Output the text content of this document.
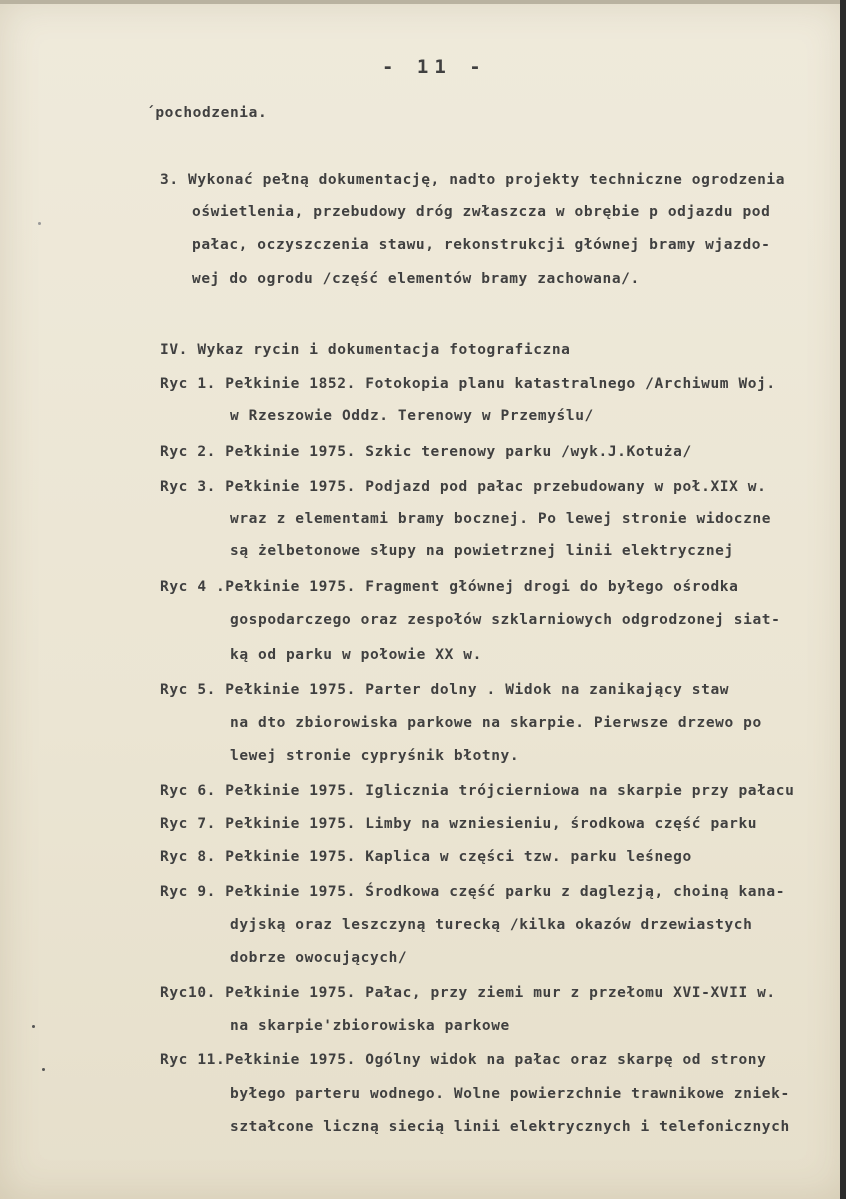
- 11 -
´pochodzenia.
3. Wykonać pełną dokumentację, nadto projekty techniczne ogrodzenia
oświetlenia, przebudowy dróg zwłaszcza w obrębie p odjazdu pod
pałac, oczyszczenia stawu, rekonstrukcji głównej bramy wjazdo-
wej do ogrodu /część elementów bramy zachowana/.
IV. Wykaz rycin i dokumentacja fotograficzna
Ryc 1. Pełkinie 1852. Fotokopia planu katastralnego /Archiwum Woj.
w Rzeszowie Oddz. Terenowy w Przemyślu/
Ryc 2. Pełkinie 1975. Szkic terenowy parku /wyk.J.Kotuża/
Ryc 3. Pełkinie 1975. Podjazd pod pałac przebudowany w poł.XIX w.
wraz z elementami bramy bocznej. Po lewej stronie widoczne
są żelbetonowe słupy na powietrznej linii elektrycznej
Ryc 4 .Pełkinie 1975. Fragment głównej drogi do byłego ośrodka
gospodarczego oraz zespołów szklarniowych odgrodzonej siat-
ką od parku w połowie XX w.
Ryc 5. Pełkinie 1975. Parter dolny . Widok na zanikający staw
na dto zbiorowiska parkowe na skarpie. Pierwsze drzewo po
lewej stronie cypryśnik błotny.
Ryc 6. Pełkinie 1975. Iglicznia trójcierniowa na skarpie przy pałacu
Ryc 7. Pełkinie 1975. Limby na wzniesieniu, środkowa część parku
Ryc 8. Pełkinie 1975. Kaplica w części tzw. parku leśnego
Ryc 9. Pełkinie 1975. Środkowa część parku z daglezją, choiną kana-
dyjską oraz leszczyną turecką /kilka okazów drzewiastych
dobrze owocujących/
Ryc10. Pełkinie 1975. Pałac, przy ziemi mur z przełomu XVI-XVII w.
na skarpie'zbiorowiska parkowe
Ryc 11.Pełkinie 1975. Ogólny widok na pałac oraz skarpę od strony
byłego parteru wodnego. Wolne powierzchnie trawnikowe zniek-
ształcone liczną siecią linii elektrycznych i telefonicznych
